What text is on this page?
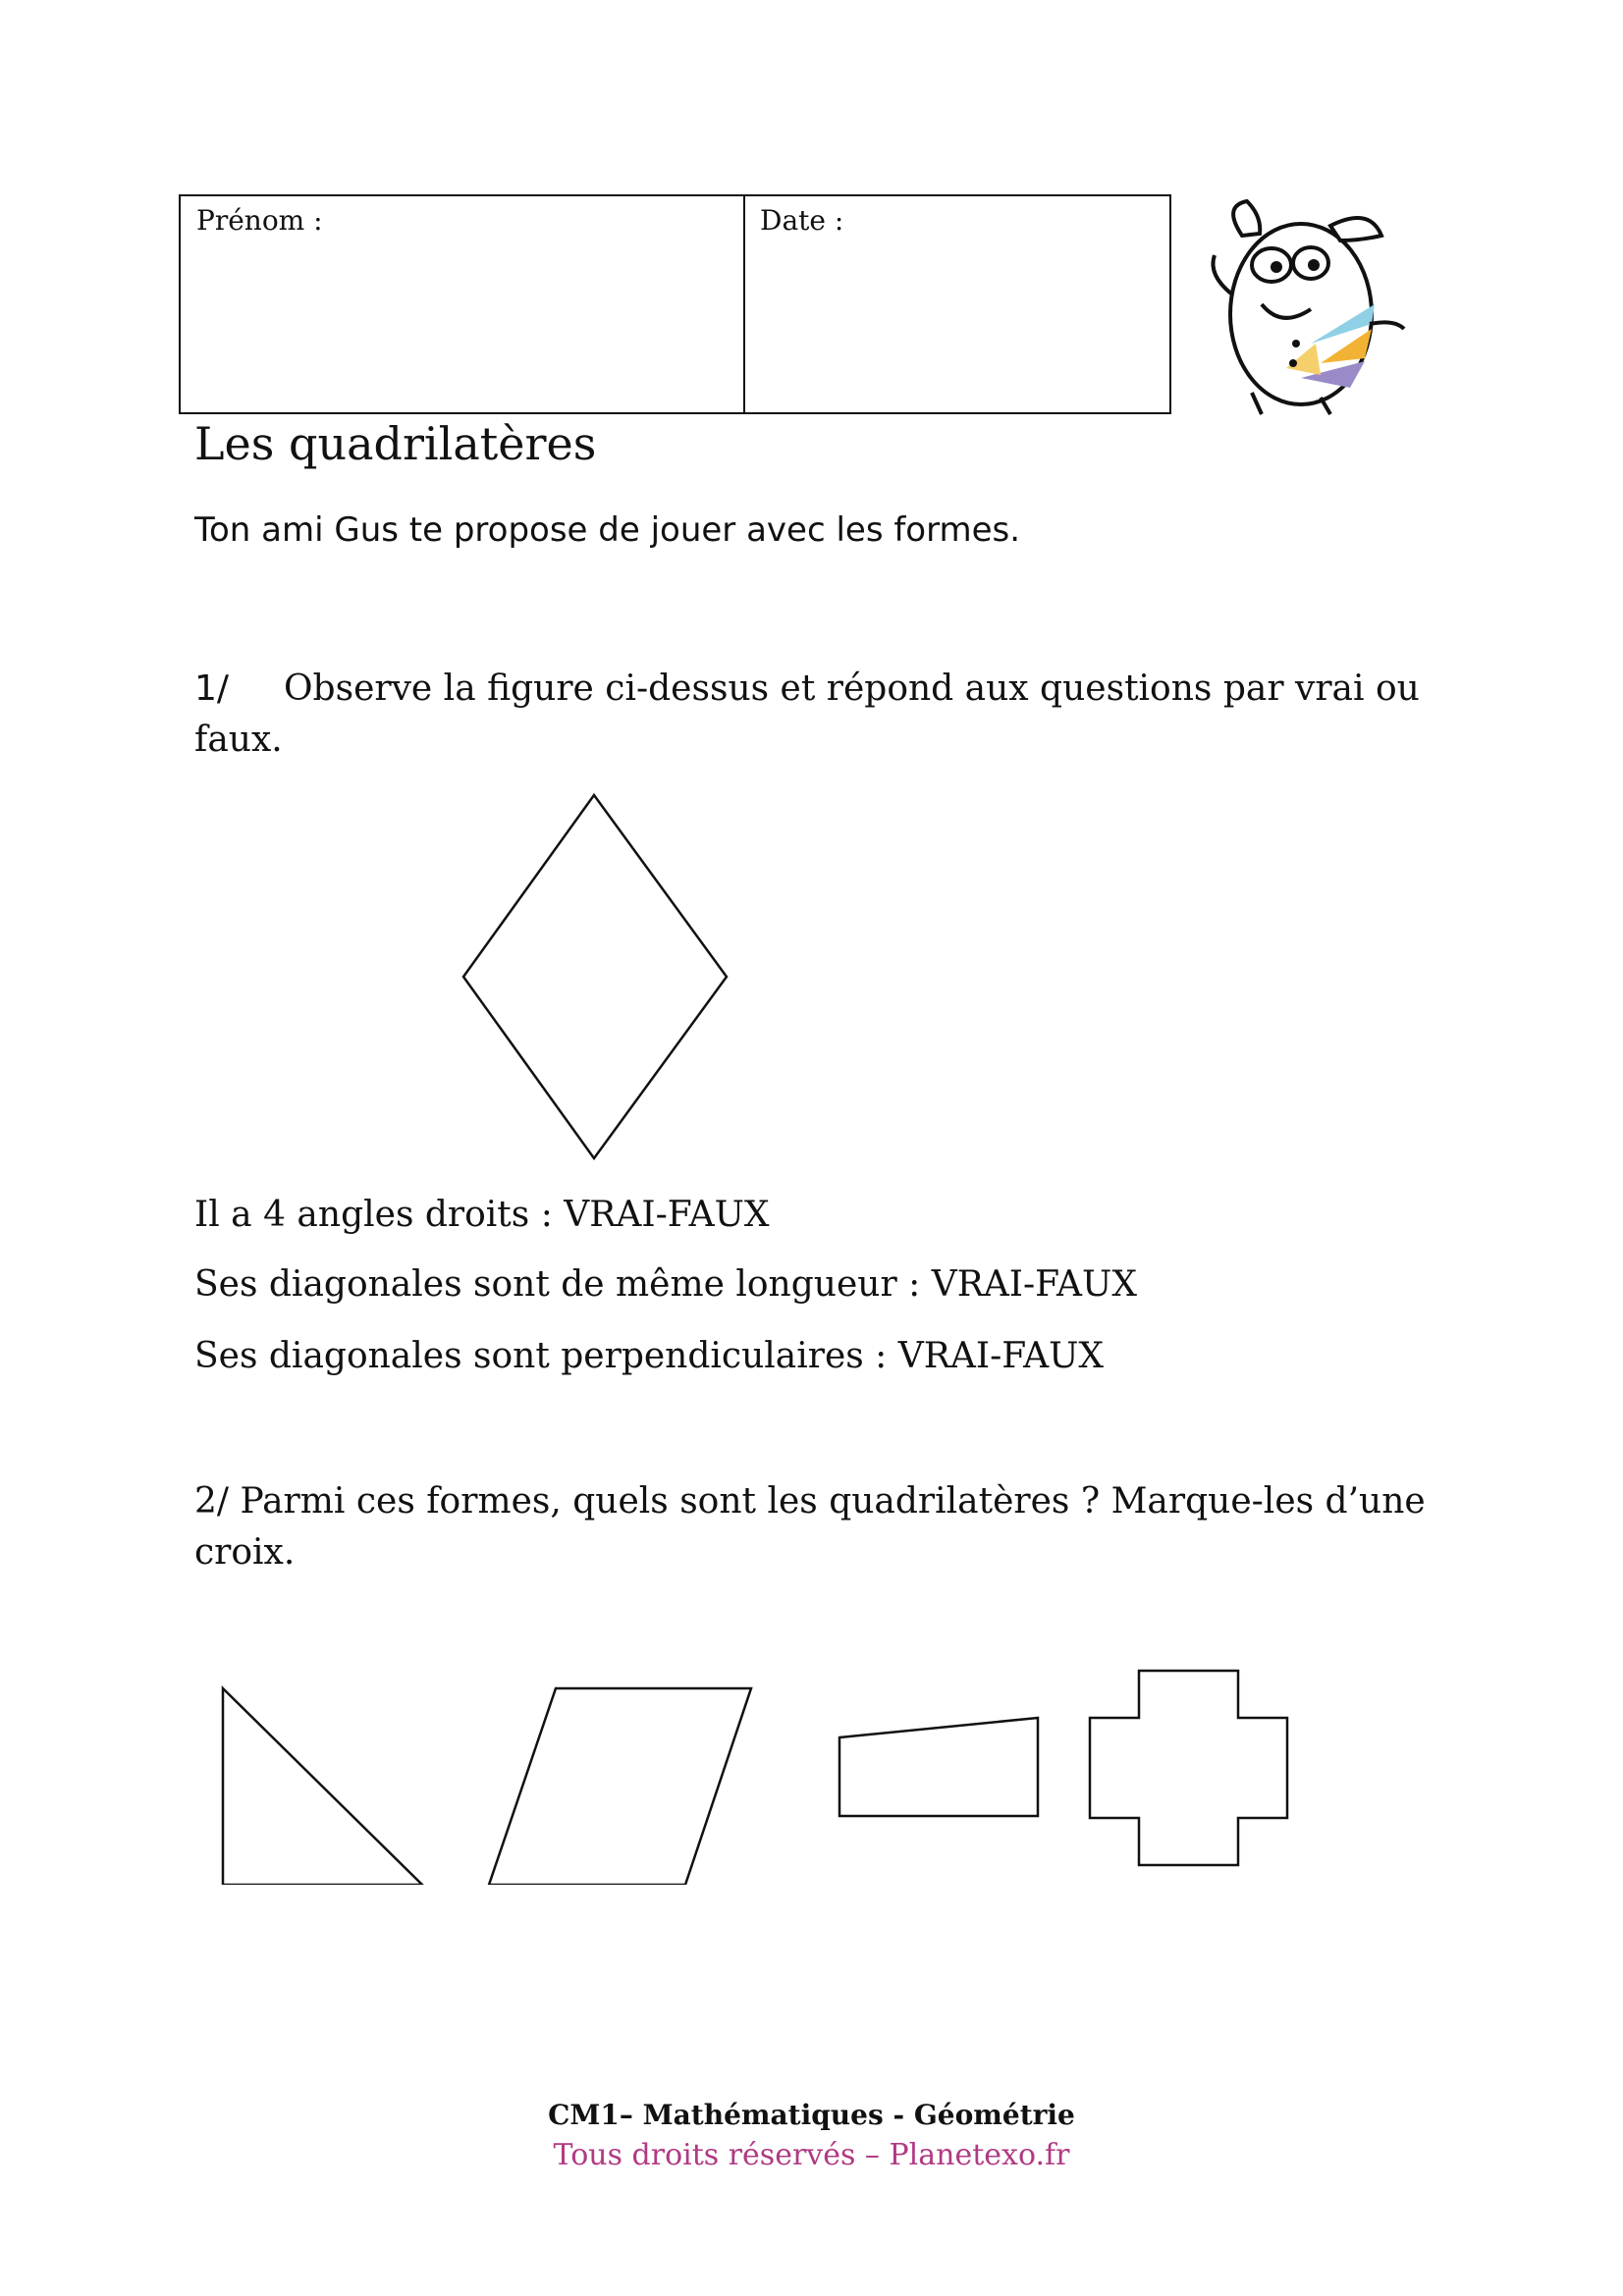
Prénom :	Date :
Les quadrilatères
Ton ami Gus te propose de jouer avec les formes.
1/ Observe la figure ci-dessus et répond aux questions par vrai ou
faux.
Il a 4 angles droits : VRAI-FAUX
Ses diagonales sont de même longueur : VRAI-FAUX
Ses diagonales sont perpendiculaires : VRAI-FAUX
2/ Parmi ces formes, quels sont les quadrilatères ? Marque-les d’une
croix.
CM1– Mathématiques - Géométrie
Tous droits réservés – Planetexo.fr
